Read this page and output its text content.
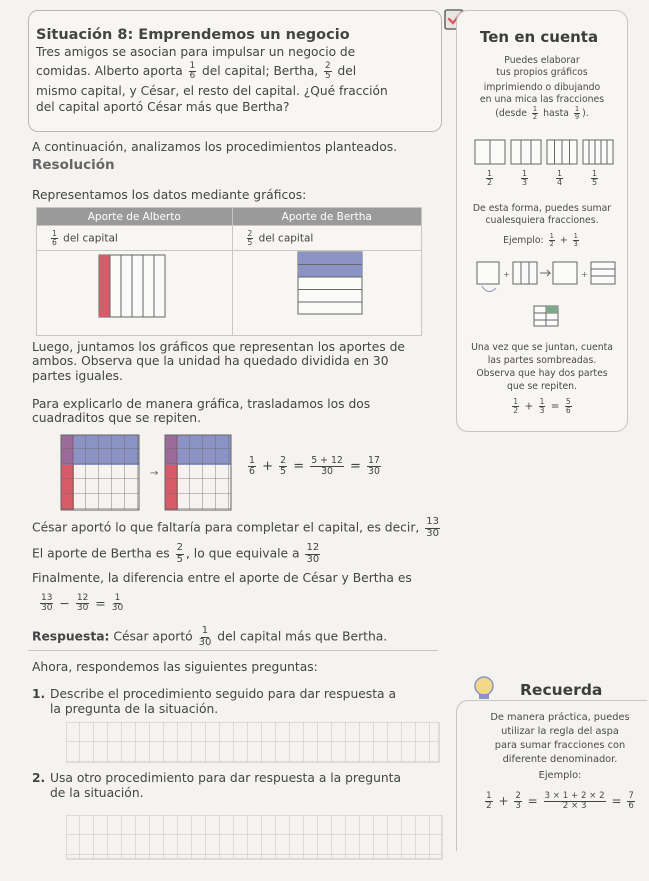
Situación 8: Emprendemos un negocio
Tres amigos se asocian para impulsar un negocio de
comidas. Alberto aporta $\frac{1}{6}$ del capital; Bertha, $\frac{2}{5}$ del
mismo capital, y César, el resto del capital. ¿Qué fracción
del capital aportó César más que Bertha?
Ten en cuenta
Puedes elaborar
tus propios gráficos
imprimiendo o dibujando
en una mica las fracciones
(desde $\frac{1}{2}$ hasta $\frac{1}{9}$ ).
$\frac{1}{2}$	$\frac{1}{3}$	$\frac{1}{4}$	$\frac{1}{5}$
De esta forma, puedes sumar
cualesquiera fracciones.
Ejemplo: $\frac{1}{2} + \frac{1}{3}$
+	+
Una vez que se juntan, cuenta
las partes sombreadas.
Observa que hay dos partes
que se repiten.
$\frac{1}{2} + \frac{1}{3} = \frac{5}{6}$
A continuación, analizamos los procedimientos planteados.
Resolución
Representamos los datos mediante gráficos:
Aporte de Alberto	Aporte de Bertha

$\frac{1}{6}$ del capital	$\frac{2}{5}$ del capital

Luego, juntamos los gráficos que representan los aportes de
ambos. Observa que la unidad ha quedado dividida en 30
partes iguales.
Para explicarlo de manera gráfica, trasladamos los dos
cuadraditos que se repiten.
→	$\frac{1}{6} + \frac{2}{5} = \frac{5 + 12}{30} = \frac{17}{30}$
César aportó lo que faltaría para completar el capital, es decir, $\frac{13}{30}$
El aporte de Bertha es $\frac{2}{5}$ , lo que equivale a $\frac{12}{30}$
Finalmente, la diferencia entre el aporte de César y Bertha es
$\frac{13}{30} - \frac{12}{30} = \frac{1}{30}$
Respuesta: César aportó $\frac{1}{30}$ del capital más que Bertha.
Ahora, respondemos las siguientes preguntas:
1. Describe el procedimiento seguido para dar respuesta a
la pregunta de la situación.
2. Usa otro procedimiento para dar respuesta a la pregunta
de la situación.
Recuerda
De manera práctica, puedes
utilizar la regla del aspa
para sumar fracciones con
diferente denominador.
Ejemplo:
$\frac{1}{2} + \frac{2}{3} = \frac{3 \times 1 + 2 \times 2}{2 \times 3} = \frac{7}{6}$
